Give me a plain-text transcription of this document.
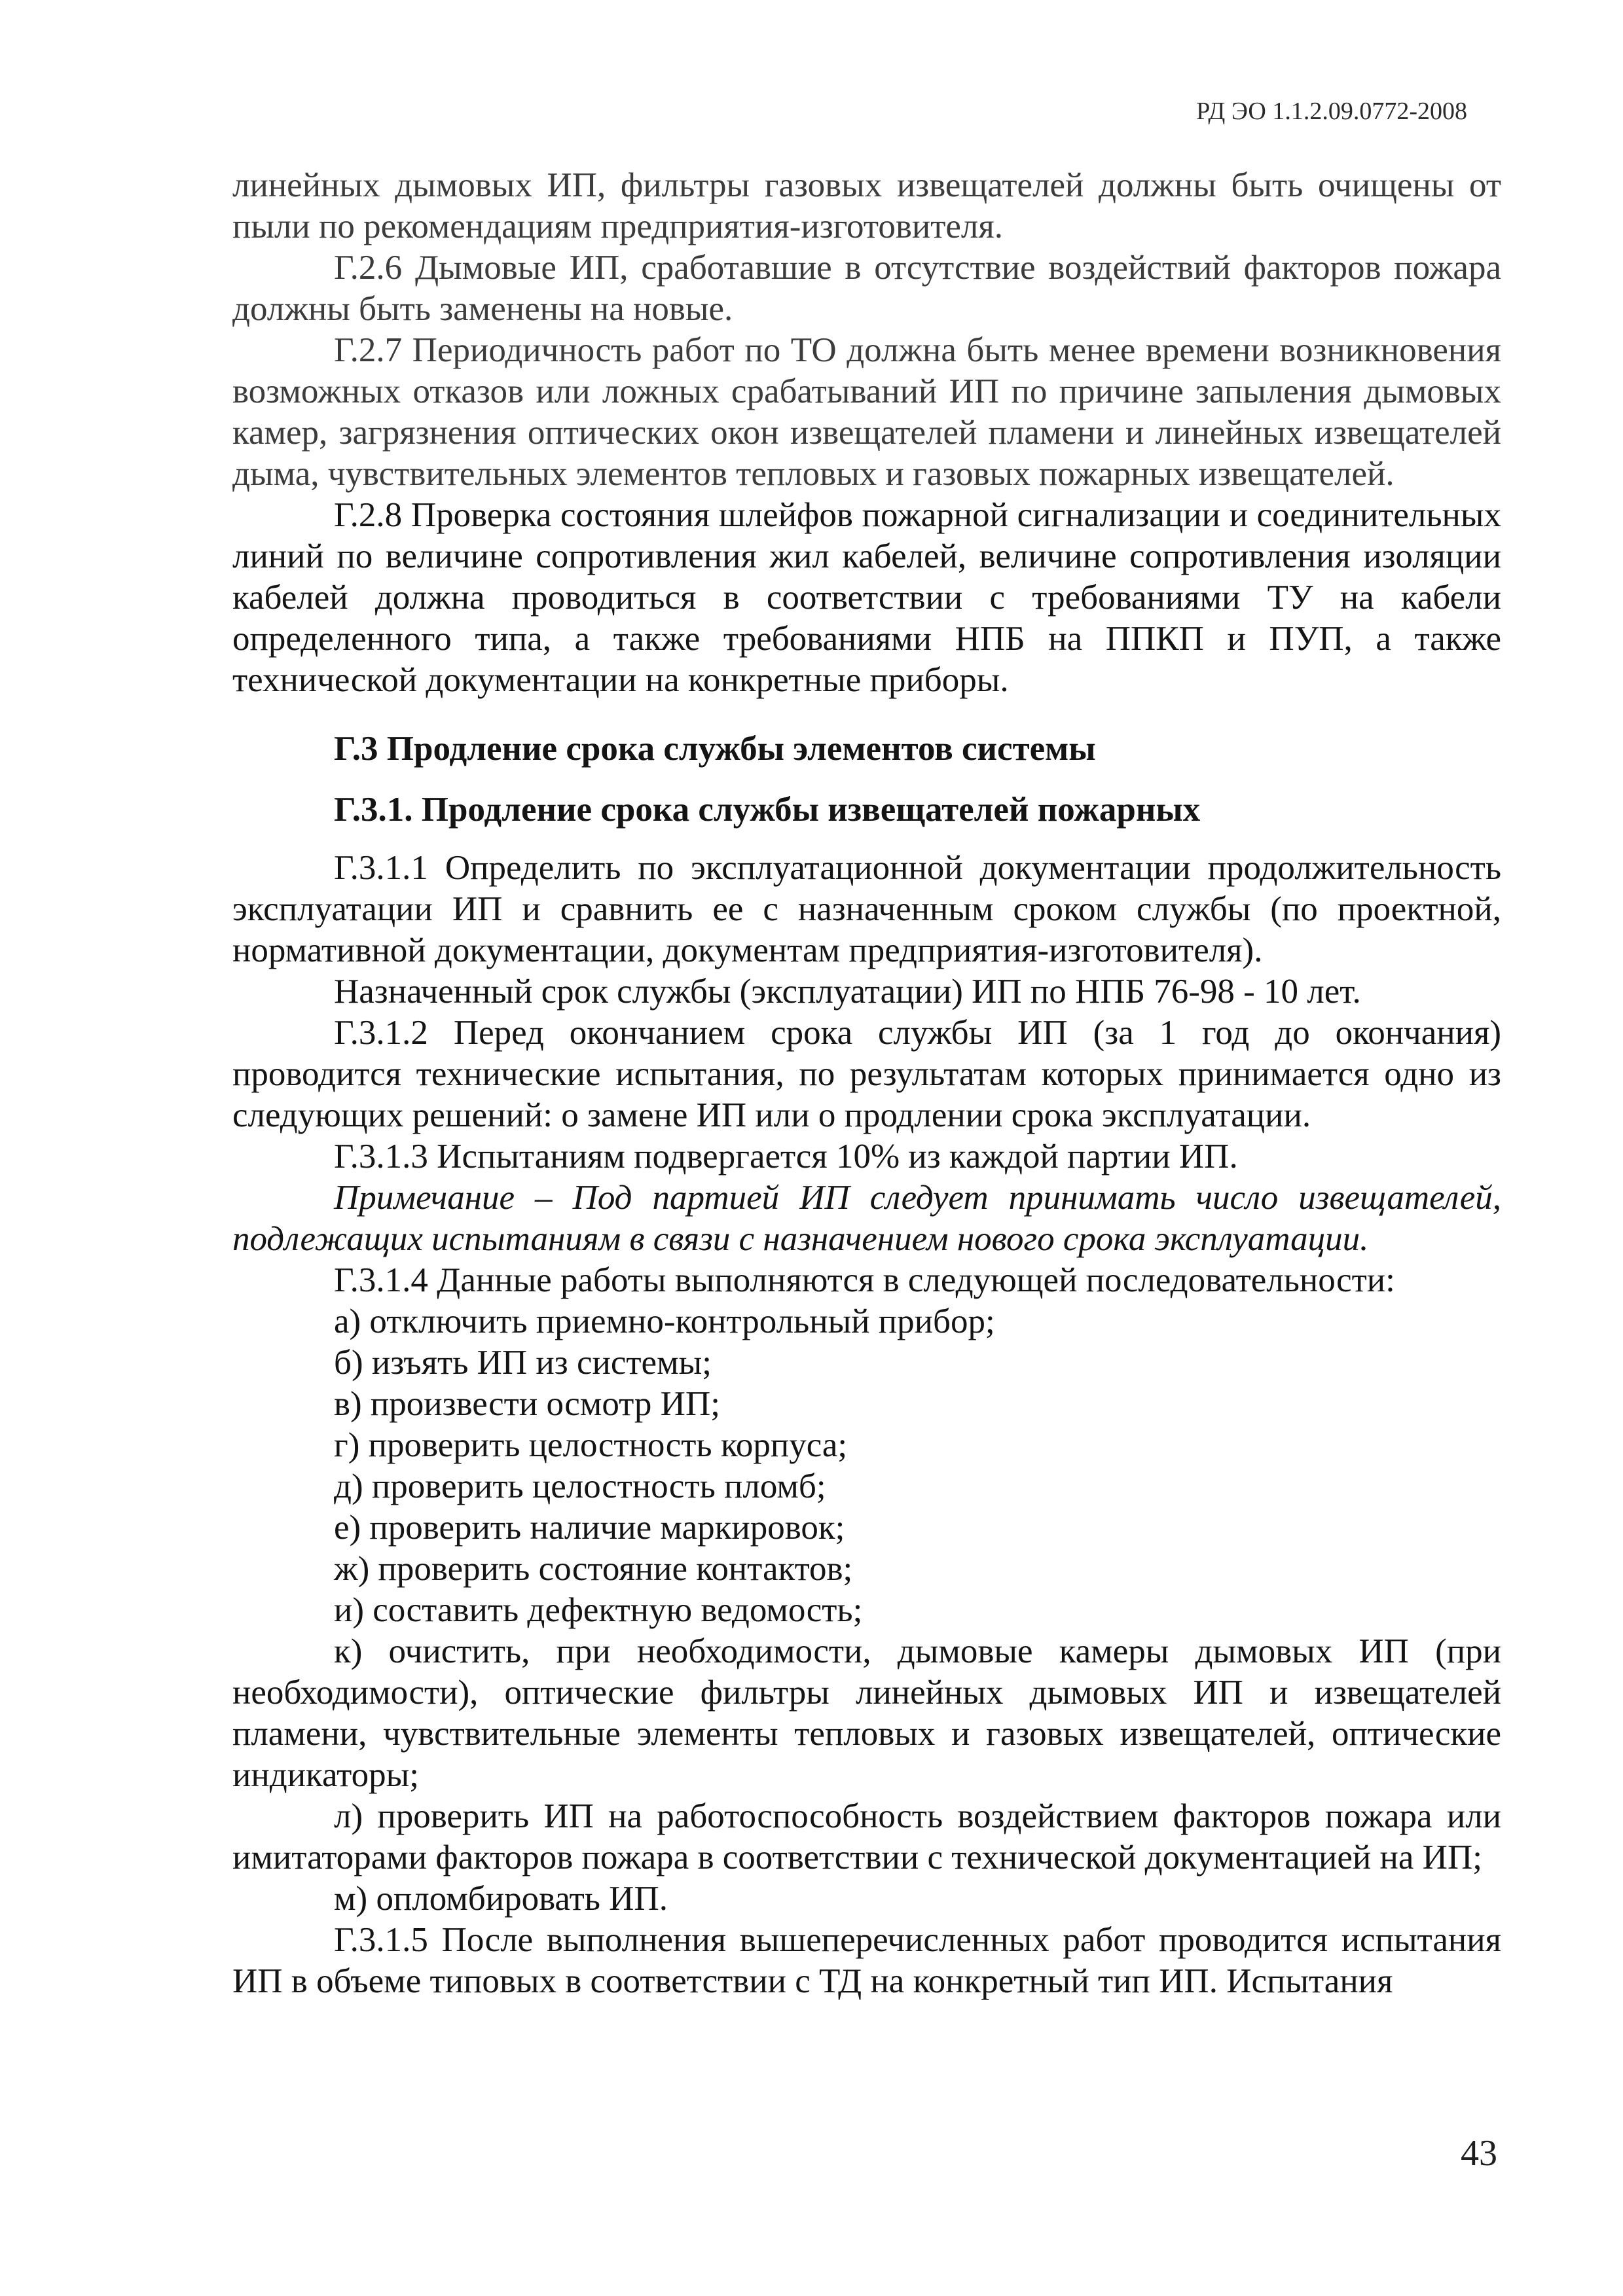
РД ЭО 1.1.2.09.0772-2008

линейных дымовых ИП, фильтры газовых извещателей должны быть очищены от пыли по рекомендациям предприятия-изготовителя.

Г.2.6 Дымовые ИП, сработавшие в отсутствие воздействий факторов пожара должны быть заменены на новые.

Г.2.7 Периодичность работ по ТО должна быть менее времени возникновения возможных отказов или ложных срабатываний ИП по причине запыления дымовых камер, загрязнения оптических окон извещателей пламени и линейных извещателей дыма, чувствительных элементов тепловых и газовых пожарных извещателей.

Г.2.8 Проверка состояния шлейфов пожарной сигнализации и соединительных линий по величине сопротивления жил кабелей, величине сопротивления изоляции кабелей должна проводиться в соответствии с требованиями ТУ на кабели определенного типа, а также требованиями НПБ на ППКП и ПУП, а также технической документации на конкретные приборы.

Г.3 Продление срока службы элементов системы

Г.3.1. Продление срока службы извещателей пожарных

Г.3.1.1 Определить по эксплуатационной документации продолжительность эксплуатации ИП и сравнить ее с назначенным сроком службы (по проектной, нормативной документации, документам предприятия-изготовителя).

Назначенный срок службы (эксплуатации) ИП по НПБ 76-98 - 10 лет.

Г.3.1.2 Перед окончанием срока службы ИП (за 1 год до окончания) проводится технические испытания, по результатам которых принимается одно из следующих решений: о замене ИП или о продлении срока эксплуатации.

Г.3.1.3 Испытаниям подвергается 10% из каждой партии ИП.

Примечание – Под партией ИП следует принимать число извещателей, подлежащих испытаниям в связи с назначением нового срока эксплуатации.

Г.3.1.4 Данные работы выполняются в следующей последовательности:

а) отключить приемно-контрольный прибор;

б) изъять ИП из системы;

в) произвести осмотр ИП;

г) проверить целостность корпуса;

д) проверить целостность пломб;

е) проверить наличие маркировок;

ж) проверить состояние контактов;

и) составить дефектную ведомость;

к) очистить, при необходимости, дымовые камеры дымовых ИП (при необходимости), оптические фильтры линейных дымовых ИП и извещателей пламени, чувствительные элементы тепловых и газовых извещателей, оптические индикаторы;

л) проверить ИП на работоспособность воздействием факторов пожара или имитаторами факторов пожара в соответствии с технической документацией на ИП;

м) опломбировать ИП.

Г.3.1.5 После выполнения вышеперечисленных работ проводится испытания ИП в объеме типовых в соответствии с ТД на конкретный тип ИП. Испытания

43
